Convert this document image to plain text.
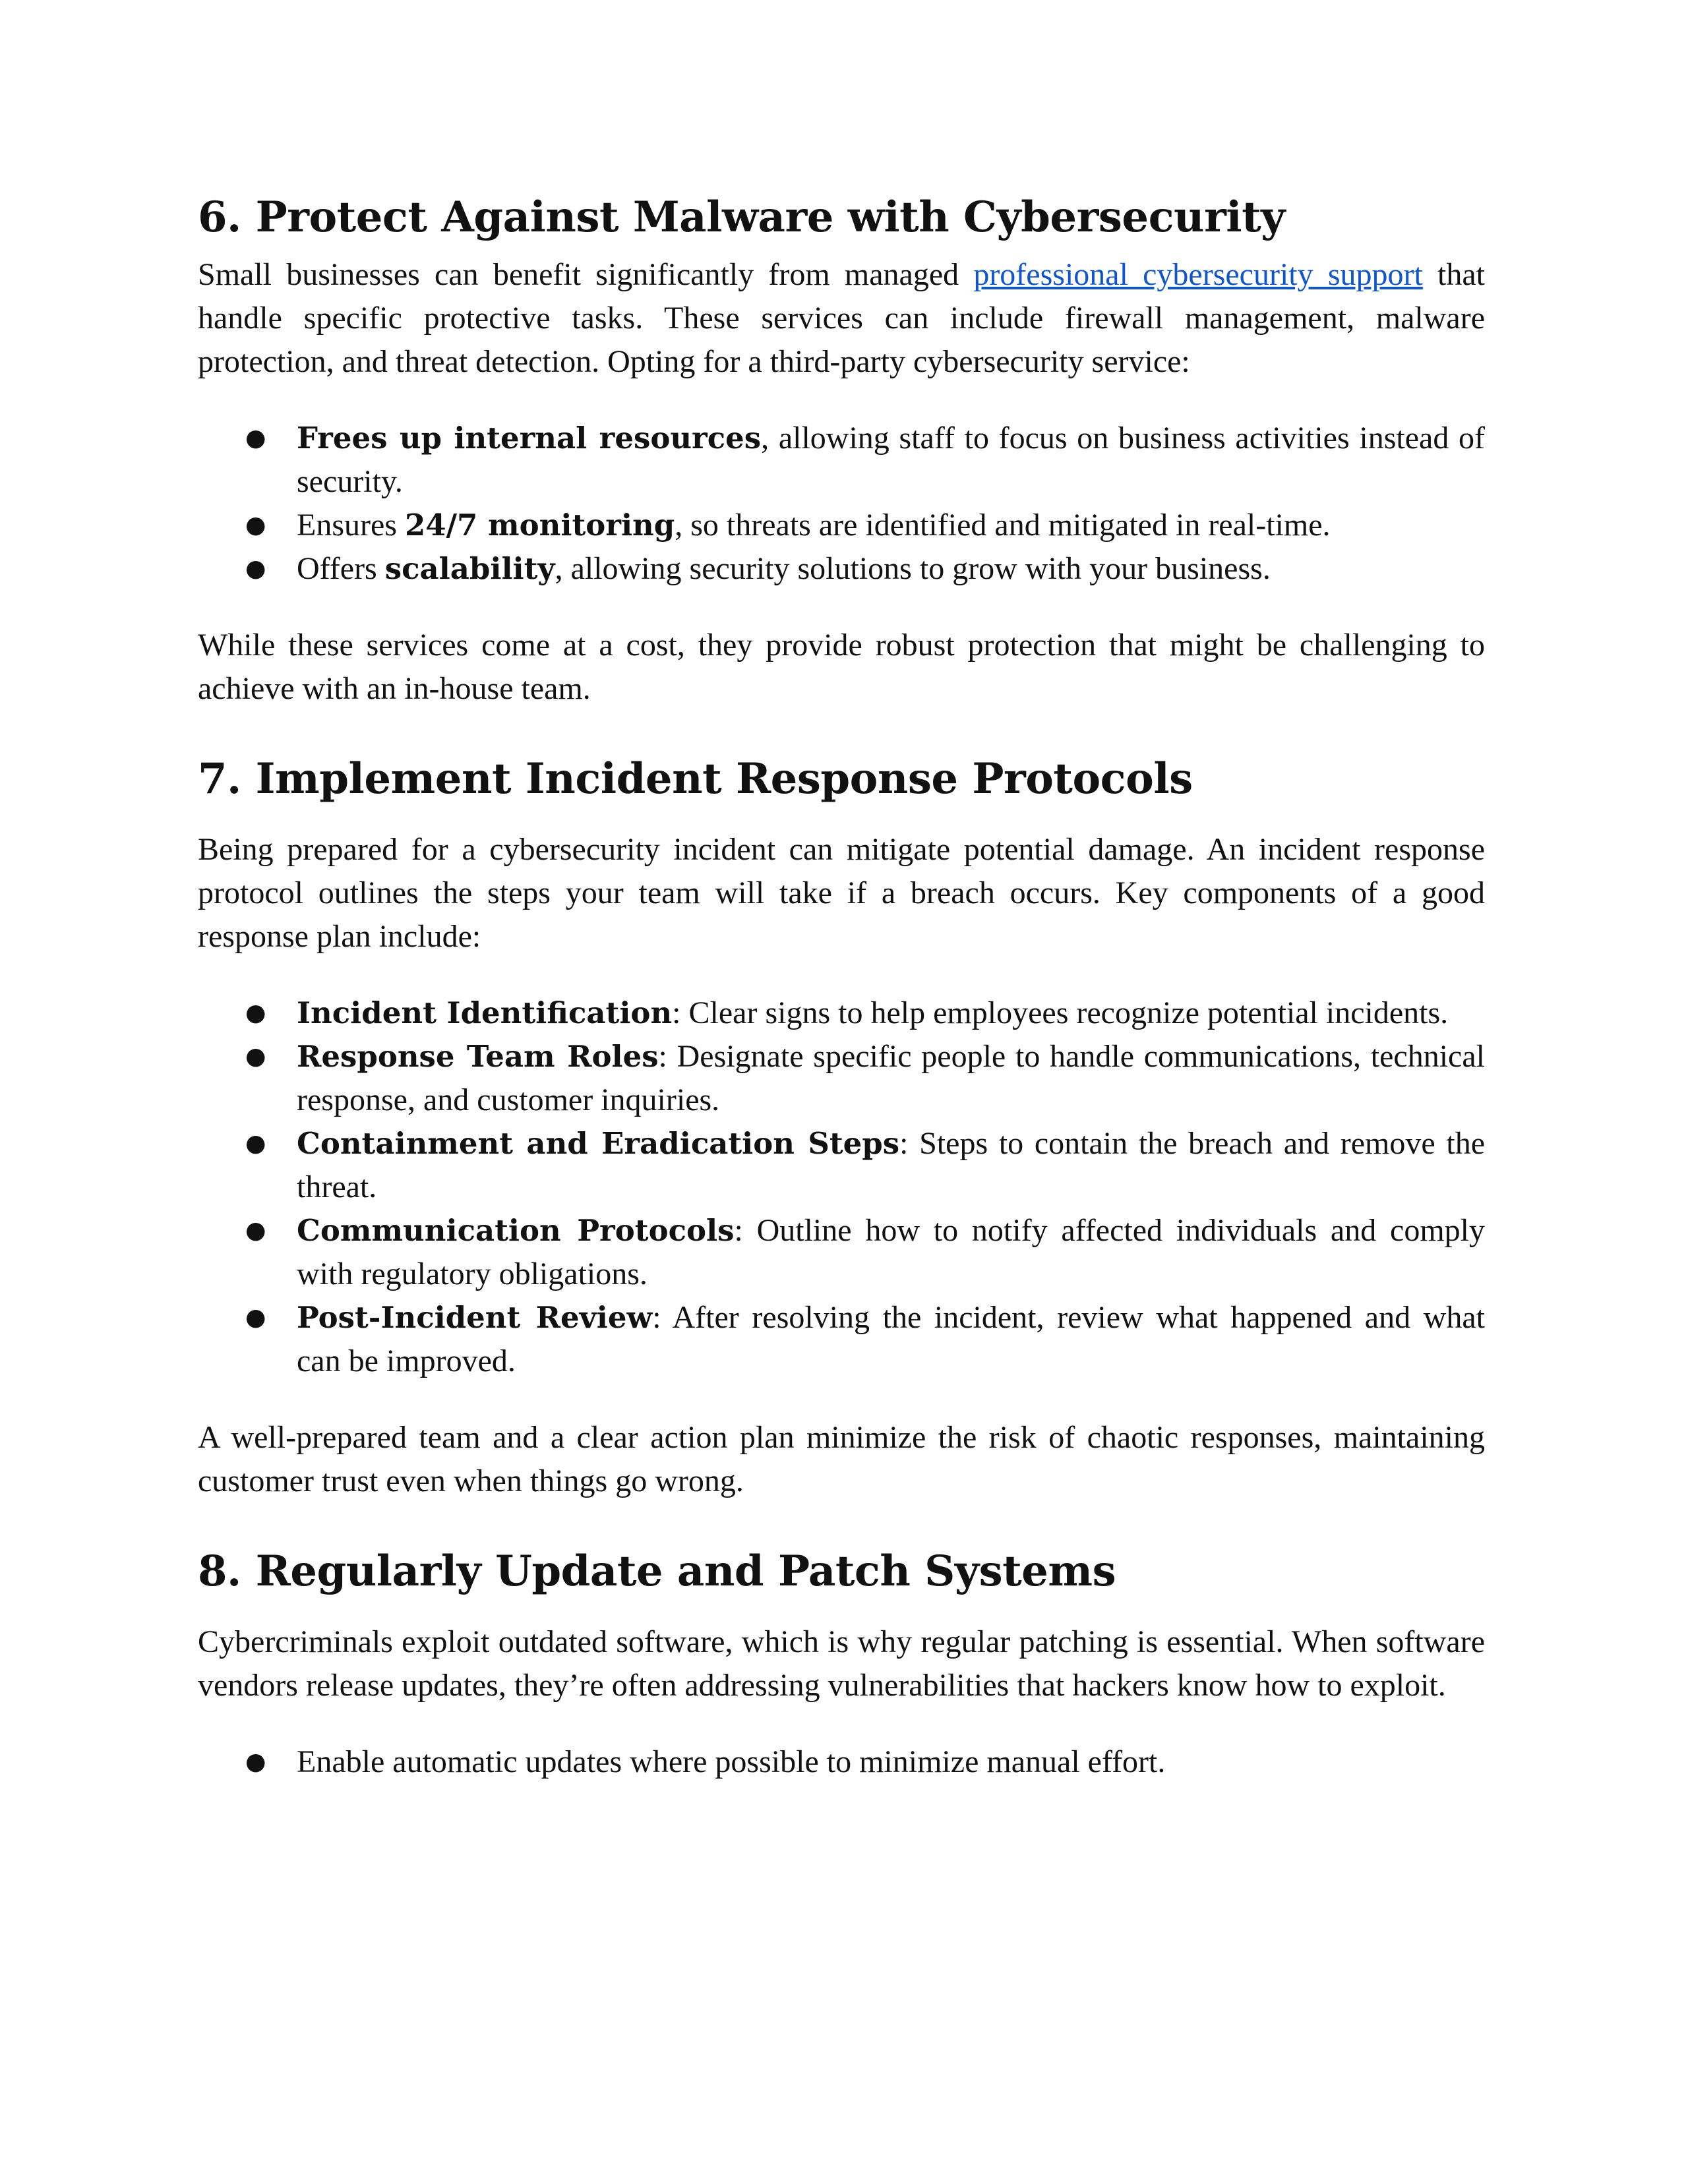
6. Protect Against Malware with Cybersecurity

Small businesses can benefit significantly from managed professional cybersecurity support that handle specific protective tasks. These services can include firewall management, malware protection, and threat detection. Opting for a third-party cybersecurity service:

● Frees up internal resources, allowing staff to focus on business activities instead of security.
● Ensures 24/7 monitoring, so threats are identified and mitigated in real-time.
● Offers scalability, allowing security solutions to grow with your business.

While these services come at a cost, they provide robust protection that might be challenging to achieve with an in-house team.

7. Implement Incident Response Protocols

Being prepared for a cybersecurity incident can mitigate potential damage. An incident response protocol outlines the steps your team will take if a breach occurs. Key components of a good response plan include:

● Incident Identification: Clear signs to help employees recognize potential incidents.
● Response Team Roles: Designate specific people to handle communications, technical response, and customer inquiries.
● Containment and Eradication Steps: Steps to contain the breach and remove the threat.
● Communication Protocols: Outline how to notify affected individuals and comply with regulatory obligations.
● Post-Incident Review: After resolving the incident, review what happened and what can be improved.

A well-prepared team and a clear action plan minimize the risk of chaotic responses, maintaining customer trust even when things go wrong.

8. Regularly Update and Patch Systems

Cybercriminals exploit outdated software, which is why regular patching is essential. When software vendors release updates, they’re often addressing vulnerabilities that hackers know how to exploit.

● Enable automatic updates where possible to minimize manual effort.
